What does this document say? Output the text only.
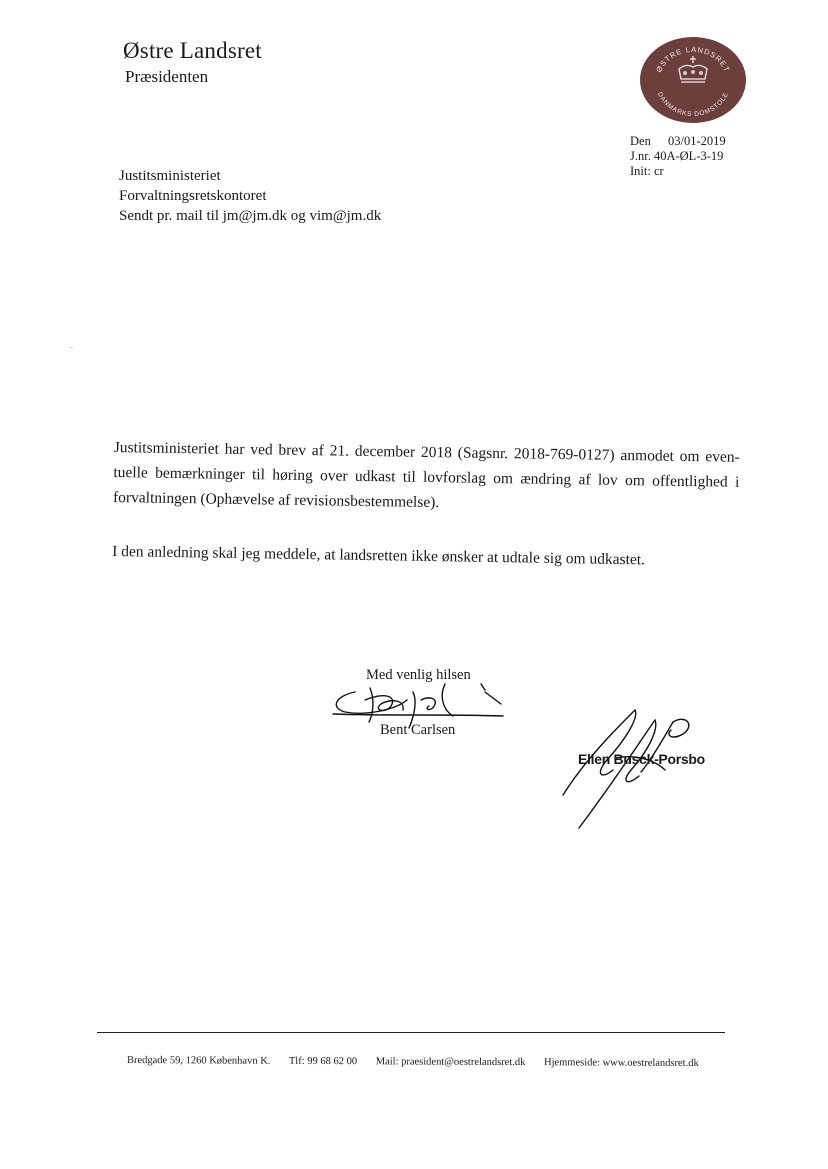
Østre Landsret
Præsidenten	ØSTRE LANDSRET
DANMARKS DOMSTOLE
Den 03/01-2019
J.nr. 40A-ØL-3-19
Init: cr
Justitsministeriet
Forvaltningsretskontoret
Sendt pr. mail til jm@jm.dk og vim@jm.dk

Justitsministeriet har ved brev af 21. december 2018 (Sagsnr. 2018-769-0127) anmodet om eventuelle bemærkninger til høring over udkast til lovforslag om ændring af lov om offentlighed i forvaltningen (Ophævelse af revisionsbestemmelse).

I den anledning skal jeg meddele, at landsretten ikke ønsker at udtale sig om udkastet.

Med venlig hilsen
Bent Carlsen
Ellen Busck-Porsbo
Bredgade 59, 1260 København K. Tlf: 99 68 62 00 Mail: praesident@oestrelandsret.dk Hjemmeside: www.oestrelandsret.dk
